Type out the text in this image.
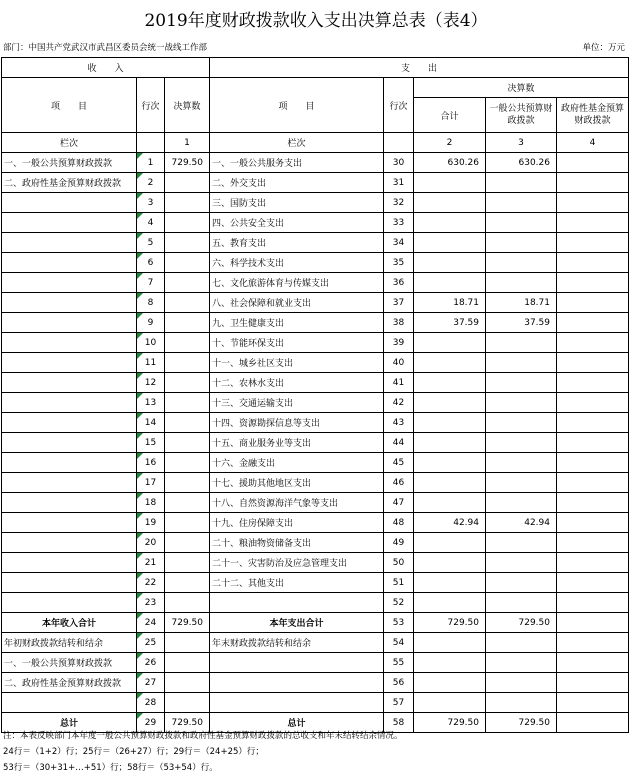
2019年度财政拨款收入支出决算总表（表4）
部门：中国共产党武汉市武昌区委员会统一战线工作部	单位：万元
收　　入			支　　出				
项　　目	行次	决算数	项　　目	行次	决算数		
					合计	一般公共预算财政拨款	政府性基金预算财政拨款
栏次		1	栏次		2	3	4
一、一般公共预算财政拨款	1	729.50	一、一般公共服务支出	30	630.26	630.26	
二、政府性基金预算财政拨款	2		二、外交支出	31			
	3		三、国防支出	32			
	4		四、公共安全支出	33			
	5		五、教育支出	34			
	6		六、科学技术支出	35			
	7		七、文化旅游体育与传媒支出	36			
	8		八、社会保障和就业支出	37	18.71	18.71	
	9		九、卫生健康支出	38	37.59	37.59	
	10		十、节能环保支出	39			
	11		十一、城乡社区支出	40			
	12		十二、农林水支出	41			
	13		十三、交通运输支出	42			
	14		十四、资源勘探信息等支出	43			
	15		十五、商业服务业等支出	44			
	16		十六、金融支出	45			
	17		十七、援助其他地区支出	46			
	18		十八、自然资源海洋气象等支出	47			
	19		十九、住房保障支出	48	42.94	42.94	
	20		二十、粮油物资储备支出	49			
	21		二十一、灾害防治及应急管理支出	50			
	22		二十二、其他支出	51			
	23			52			
本年收入合计	24	729.50	本年支出合计	53	729.50	729.50	
年初财政拨款结转和结余	25		年末财政拨款结转和结余	54			
一、一般公共预算财政拨款	26			55			
二、政府性基金预算财政拨款	27			56			
	28			57			
总计	29	729.50	总计	58	729.50	729.50	
注：本表反映部门本年度一般公共预算财政拨款和政府性基金预算财政拨款的总收支和年末结转结余情况。
24行＝（1+2）行；25行＝（26+27）行；29行＝（24+25）行；
53行＝（30+31+…+51）行；58行＝（53+54）行。
